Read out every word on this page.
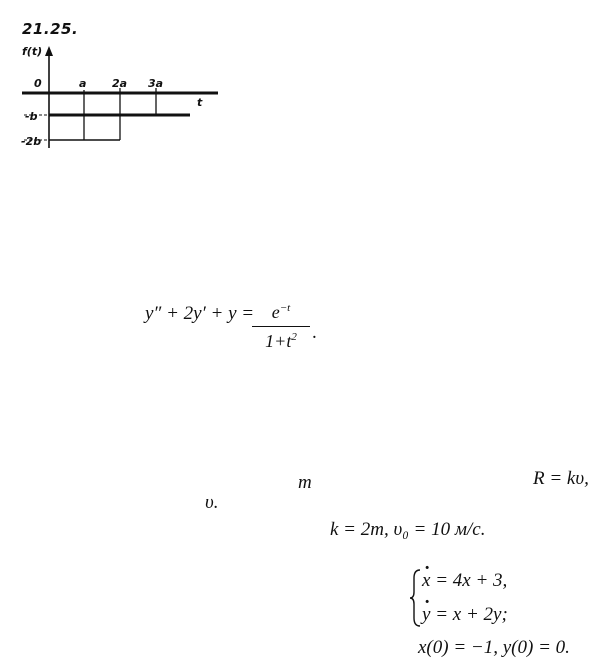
21.25.
f(t)
t
0
-b
-2b
a 2a 3a
$y'' + 2y' + y = e^{-t}$
$1+t^2$ .
m	R = kυ,
υ.
k = 2m, υ₀ = 10 м/с.
· x = 4x + 3,
· y = x + 2y;
x(0) = −1, y(0) = 0.
